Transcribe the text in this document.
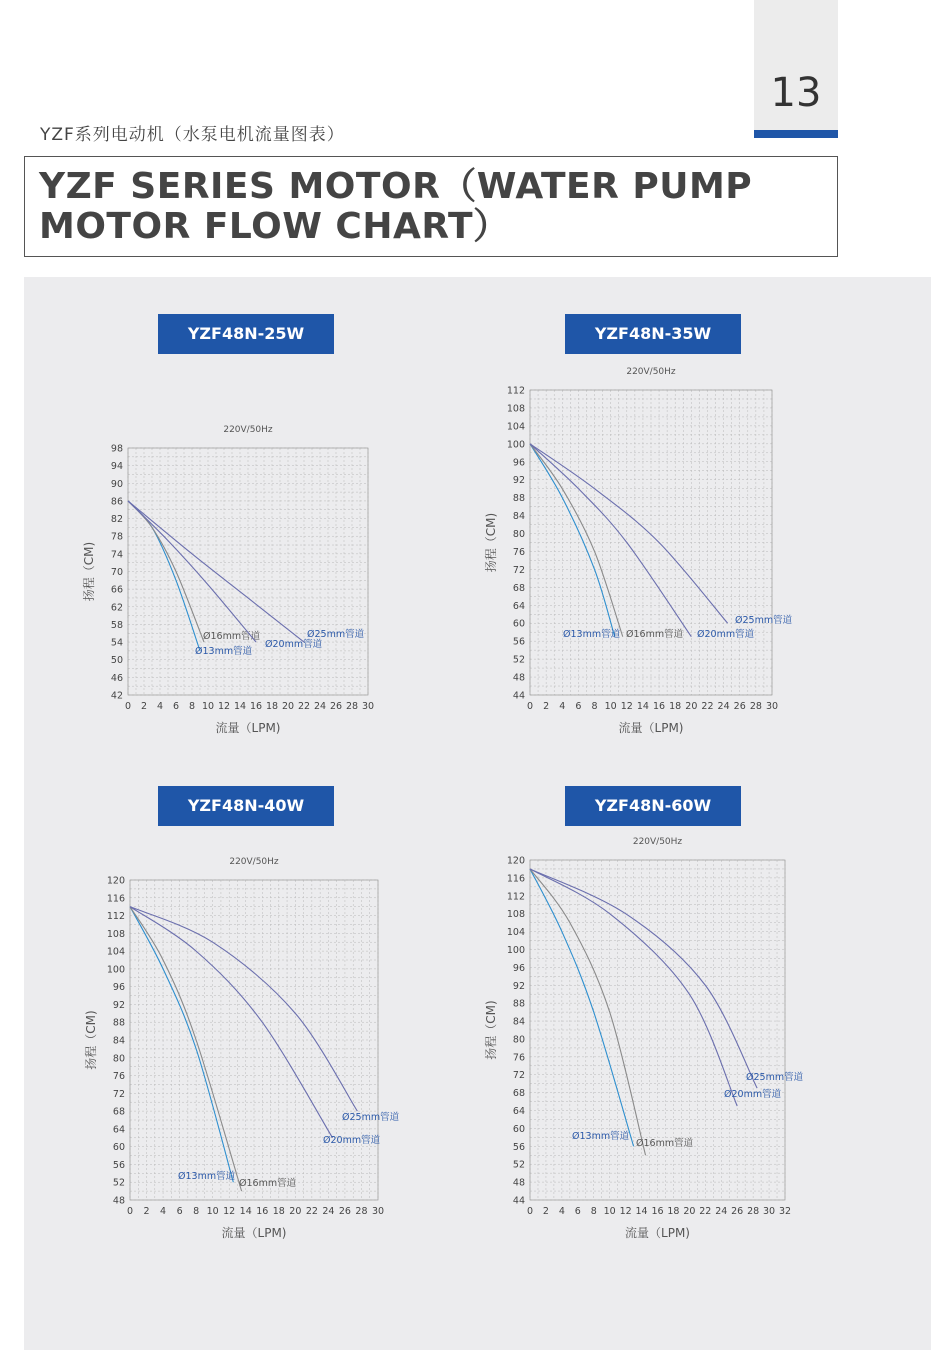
13
YZF系列电动机（水泵电机流量图表）
YZF SERIES MOTOR（WATER PUMP
MOTOR FLOW CHART）
YZF48N-25W	YZF48N-35W
YZF48N-40W	YZF48N-60W
0 2 4 6 8 10 12 14 16 18 20 22 24 26 28 30
42
46
50
54
58
62
66
70
74
78
82
86
90
94
98
220V/50Hz
流量（LPM)
扬程（CM)
Ø13mm管道
Ø16mm管道
Ø20mm管道
Ø25mm管道
0 2 4 6 8 10 12 14 16 18 20 22 24 26 28 30
44
48
52
56
60
64
68
72
76
80
84
88
92
96
100
104
108
112
220V/50Hz
流量（LPM)
扬程（CM)
Ø13mm管道 Ø16mm管道 Ø20mm管道
Ø25mm管道
0 2 4 6 8 10 12 14 16 18 20 22 24 26 28 30
48
52
56
60
64
68
72
76
80
84
88
92
96
100
104
108
112
116
120
220V/50Hz
流量（LPM)
扬程（CM)
Ø13mm管道
Ø16mm管道
Ø20mm管道
Ø25mm管道
0 2 4 6 8 10 12 14 16 18 20 22 24 26 28 30 32
44
48
52
56
60
64
68
72
76
80
84
88
92
96
100
104
108
112
116
120
220V/50Hz
流量（LPM)
扬程（CM)
Ø13mm管道
Ø16mm管道
Ø20mm管道
Ø25mm管道
